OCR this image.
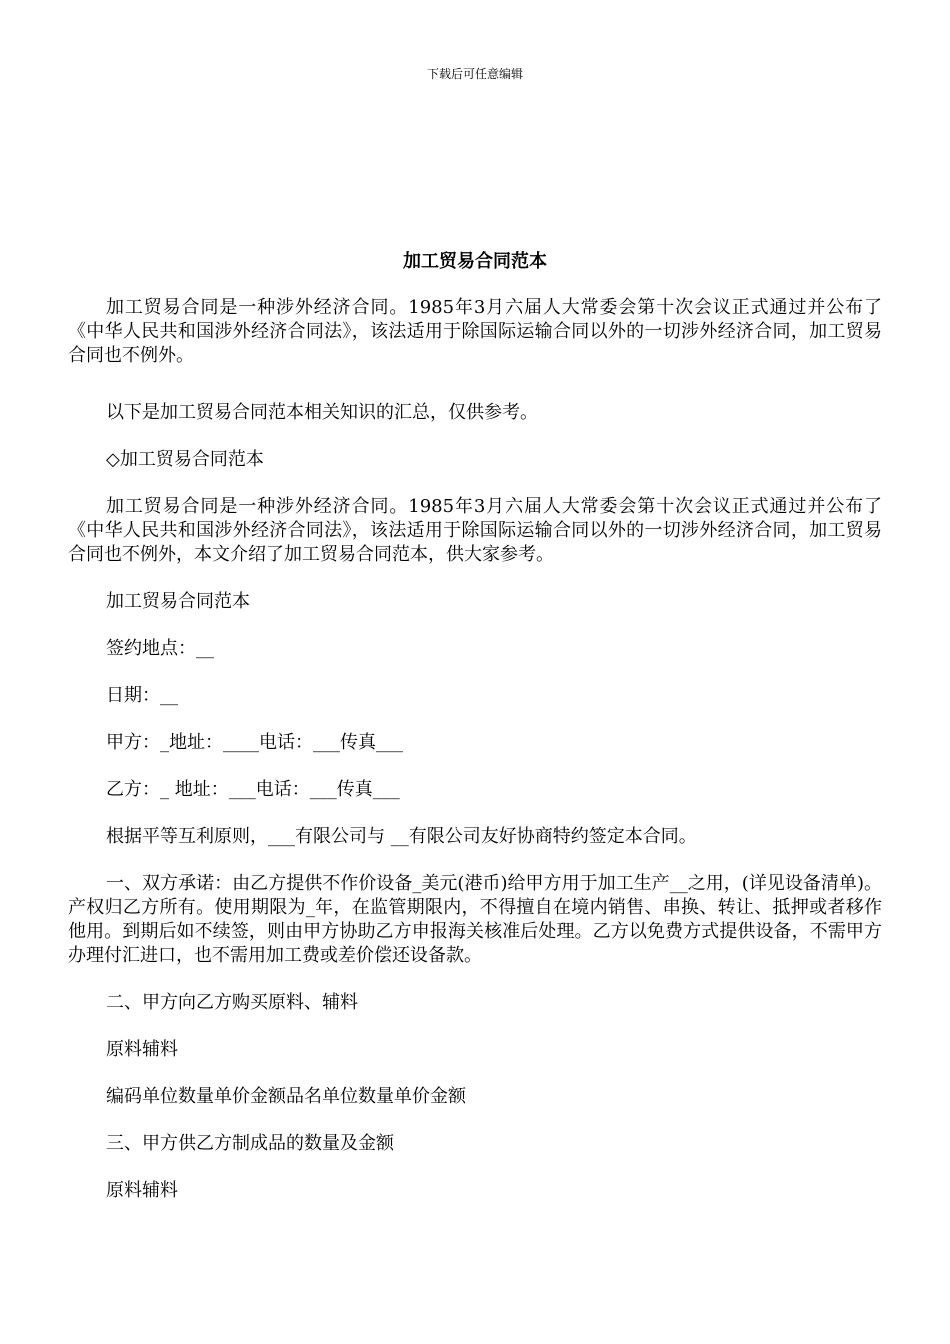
下载后可任意编辑
加工贸易合同范本

加工贸易合同是一种涉外经济合同。1985年3月六届人大常委会第十次会议正式通过并公布了《中华人民共和国涉外经济合同法》，该法适用于除国际运输合同以外的一切涉外经济合同，加工贸易合同也不例外。

以下是加工贸易合同范本相关知识的汇总，仅供参考。

◇加工贸易合同范本

加工贸易合同是一种涉外经济合同。1985年3月六届人大常委会第十次会议正式通过并公布了《中华人民共和国涉外经济合同法》，该法适用于除国际运输合同以外的一切涉外经济合同，加工贸易合同也不例外，本文介绍了加工贸易合同范本，供大家参考。

加工贸易合同范本

签约地点：__

日期：__

甲方：_地址：____电话：___传真___

乙方：_ 地址：___电话：___传真___

根据平等互利原则，___有限公司与 __有限公司友好协商特约签定本合同。

一、双方承诺：由乙方提供不作价设备_美元(港币)给甲方用于加工生产__之用，(详见设备清单)。产权归乙方所有。使用期限为_年，在监管期限内，不得擅自在境内销售、串换、转让、抵押或者移作他用。到期后如不续签，则由甲方协助乙方申报海关核准后处理。乙方以免费方式提供设备，不需甲方办理付汇进口，也不需用加工费或差价偿还设备款。

二、甲方向乙方购买原料、辅料

原料辅料

编码单位数量单价金额品名单位数量单价金额

三、甲方供乙方制成品的数量及金额

原料辅料
